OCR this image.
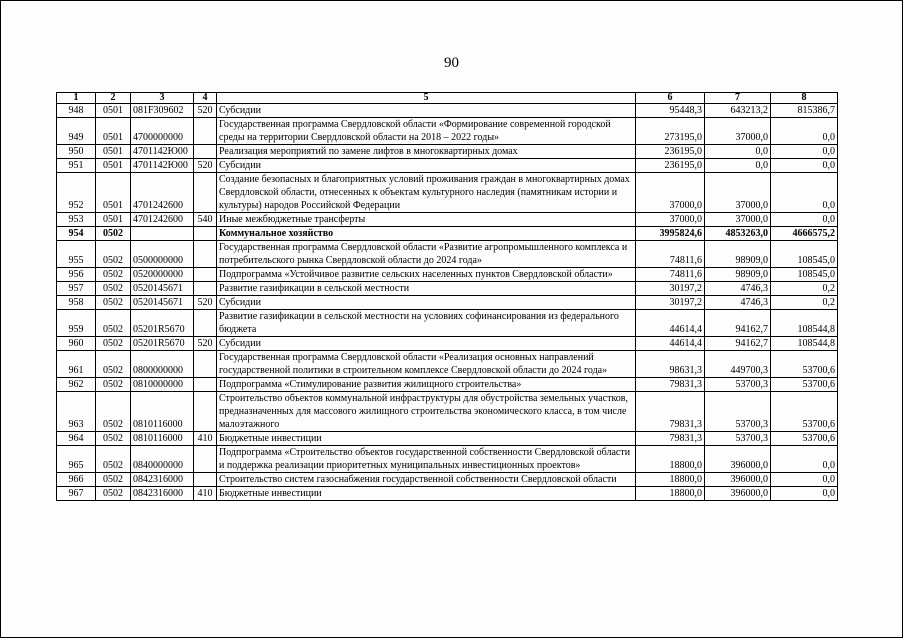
90
1	2	3	4	5	6	7	8
948	0501	081F309602	520	Субсидии	95448,3	643213,2	815386,7
949	0501	4700000000		Государственная программа Свердловской области «Формирование современной городской среды на территории Свердловской области на 2018 – 2022 годы»	273195,0	37000,0	0,0
950	0501	4701142Ю00		Реализация мероприятий по замене лифтов в многоквартирных домах	236195,0	0,0	0,0
951	0501	4701142Ю00	520	Субсидии	236195,0	0,0	0,0
952	0501	4701242600		Создание безопасных и благоприятных условий проживания граждан в многоквартирных домах Свердловской области, отнесенных к объектам культурного наследия (памятникам истории и культуры) народов Российской Федерации	37000,0	37000,0	0,0
953	0501	4701242600	540	Иные межбюджетные трансферты	37000,0	37000,0	0,0
954	0502			Коммунальное хозяйство	3995824,6	4853263,0	4666575,2
955	0502	0500000000		Государственная программа Свердловской области «Развитие агропромышленного комплекса и потребительского рынка Свердловской области до 2024 года»	74811,6	98909,0	108545,0
956	0502	0520000000		Подпрограмма «Устойчивое развитие сельских населенных пунктов Свердловской области»	74811,6	98909,0	108545,0
957	0502	0520145671		Развитие газификации в сельской местности	30197,2	4746,3	0,2
958	0502	0520145671	520	Субсидии	30197,2	4746,3	0,2
959	0502	05201R5670		Развитие газификации в сельской местности на условиях софинансирования из федерального бюджета	44614,4	94162,7	108544,8
960	0502	05201R5670	520	Субсидии	44614,4	94162,7	108544,8
961	0502	0800000000		Государственная программа Свердловской области «Реализация основных направлений государственной политики в строительном комплексе Свердловской области до 2024 года»	98631,3	449700,3	53700,6
962	0502	0810000000		Подпрограмма «Стимулирование развития жилищного строительства»	79831,3	53700,3	53700,6
963	0502	0810116000		Строительство объектов коммунальной инфраструктуры для обустройства земельных участков, предназначенных для массового жилищного строительства экономического класса, в том числе малоэтажного	79831,3	53700,3	53700,6
964	0502	0810116000	410	Бюджетные инвестиции	79831,3	53700,3	53700,6
965	0502	0840000000		Подпрограмма «Строительство объектов государственной собственности Свердловской области и поддержка реализации приоритетных муниципальных инвестиционных проектов»	18800,0	396000,0	0,0
966	0502	0842316000		Строительство систем газоснабжения государственной собственности Свердловской области	18800,0	396000,0	0,0
967	0502	0842316000	410	Бюджетные инвестиции	18800,0	396000,0	0,0
